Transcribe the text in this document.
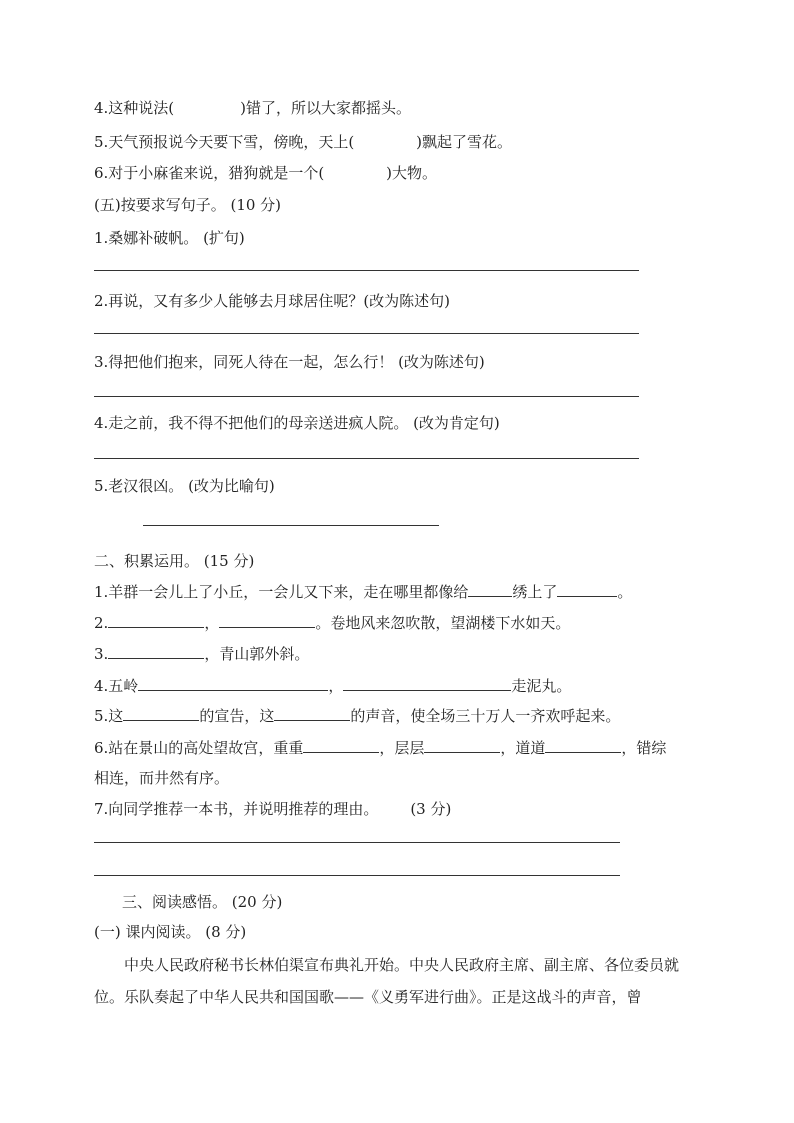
4.这种说法(	)错了，所以大家都摇头。
5.天气预报说今天要下雪，傍晚，天上(	)飘起了雪花。
6.对于小麻雀来说，猎狗就是一个(	)大物。
(五)按要求写句子。 (10 分)
1.桑娜补破帆。 (扩句)
2.再说，又有多少人能够去月球居住呢？(改为陈述句)
3.得把他们抱来，同死人待在一起，怎么行！ (改为陈述句)
4.走之前，我不得不把他们的母亲送进疯人院。 (改为肯定句)
5.老汉很凶。 (改为比喻句)
二、积累运用。 (15 分)
1.羊群一会儿上了小丘，一会儿又下来，走在哪里都像给	绣上了	。
2.	，	。卷地风来忽吹散，望湖楼下水如天。
3.	，青山郭外斜。
4.五岭	，	走泥丸。
5.这	的宣告，这	的声音，使全场三十万人一齐欢呼起来。
6.站在景山的高处望故宫，重重	，层层	，道道	，错综
相连，而井然有序。
7.向同学推荐一本书，并说明推荐的理由。 (3 分)
三、阅读感悟。 (20 分)
(一) 课内阅读。 (8 分)
中央人民政府秘书长林伯渠宣布典礼开始。中央人民政府主席、副主席、各位委员就位。乐队奏起了中华人民共和国国歌——《义勇军进行曲》。正是这战斗的声音，曾
